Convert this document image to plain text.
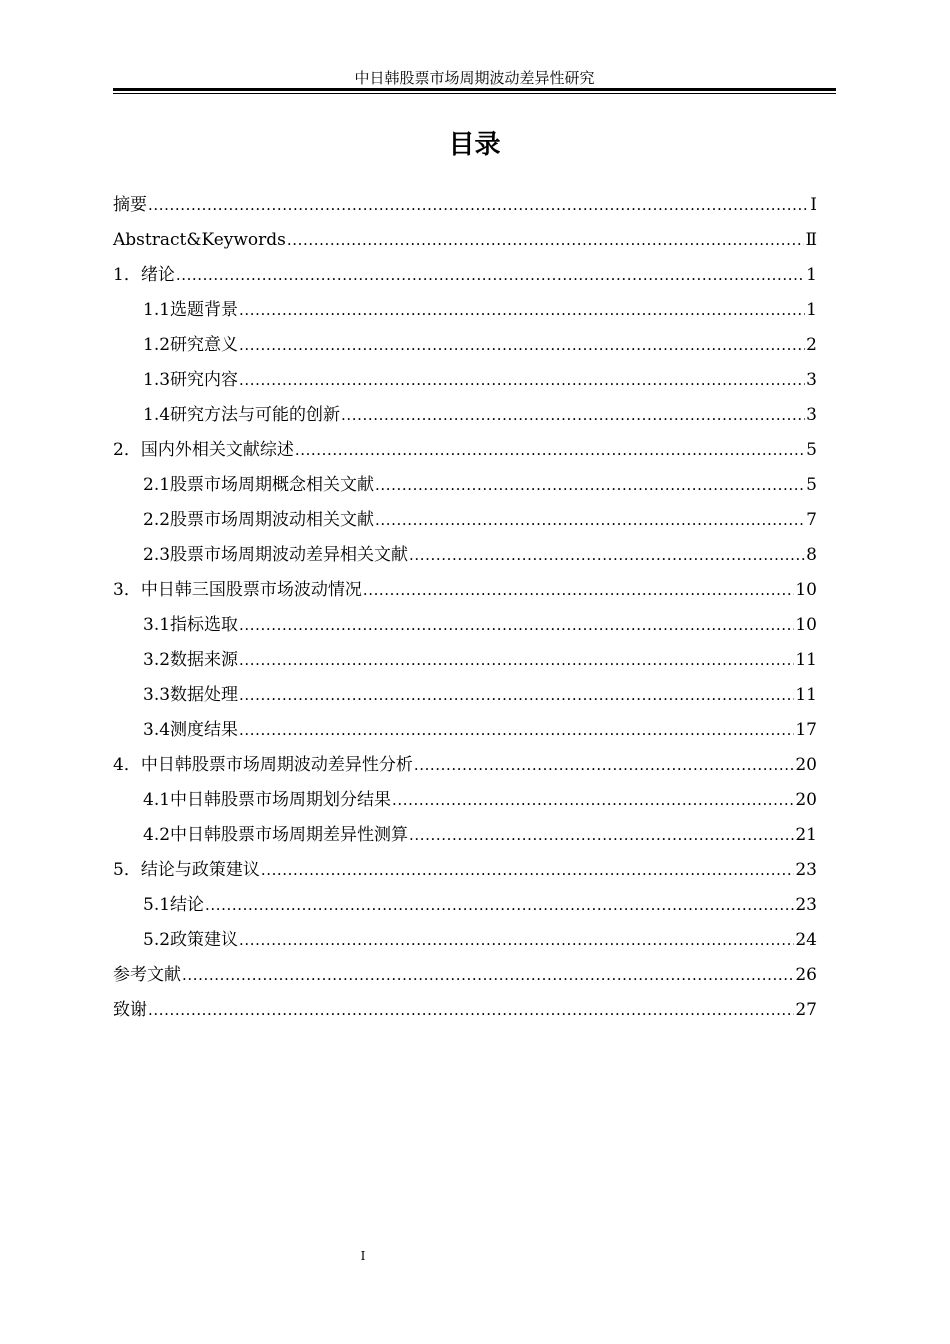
中日韩股票市场周期波动差异性研究
目录
摘要 .....	I
Abstract&Keywords .....	Ⅱ
1．绪论 .....	1
1.1选题背景 .....	1
1.2研究意义 .....	2
1.3研究内容 .....	3
1.4研究方法与可能的创新 .....	3
2．国内外相关文献综述 .....	5
2.1股票市场周期概念相关文献 .....	5
2.2股票市场周期波动相关文献 .....	7
2.3股票市场周期波动差异相关文献 .....	8
3．中日韩三国股票市场波动情况 .....	10
3.1指标选取 .....	10
3.2数据来源 .....	11
3.3数据处理 .....	11
3.4测度结果 .....	17
4．中日韩股票市场周期波动差异性分析 .....	20
4.1中日韩股票市场周期划分结果 .....	20
4.2中日韩股票市场周期差异性测算 .....	21
5．结论与政策建议 .....	23
5.1结论 .....	23
5.2政策建议 .....	24
参考文献 .....	26
致谢 .....	27
I
